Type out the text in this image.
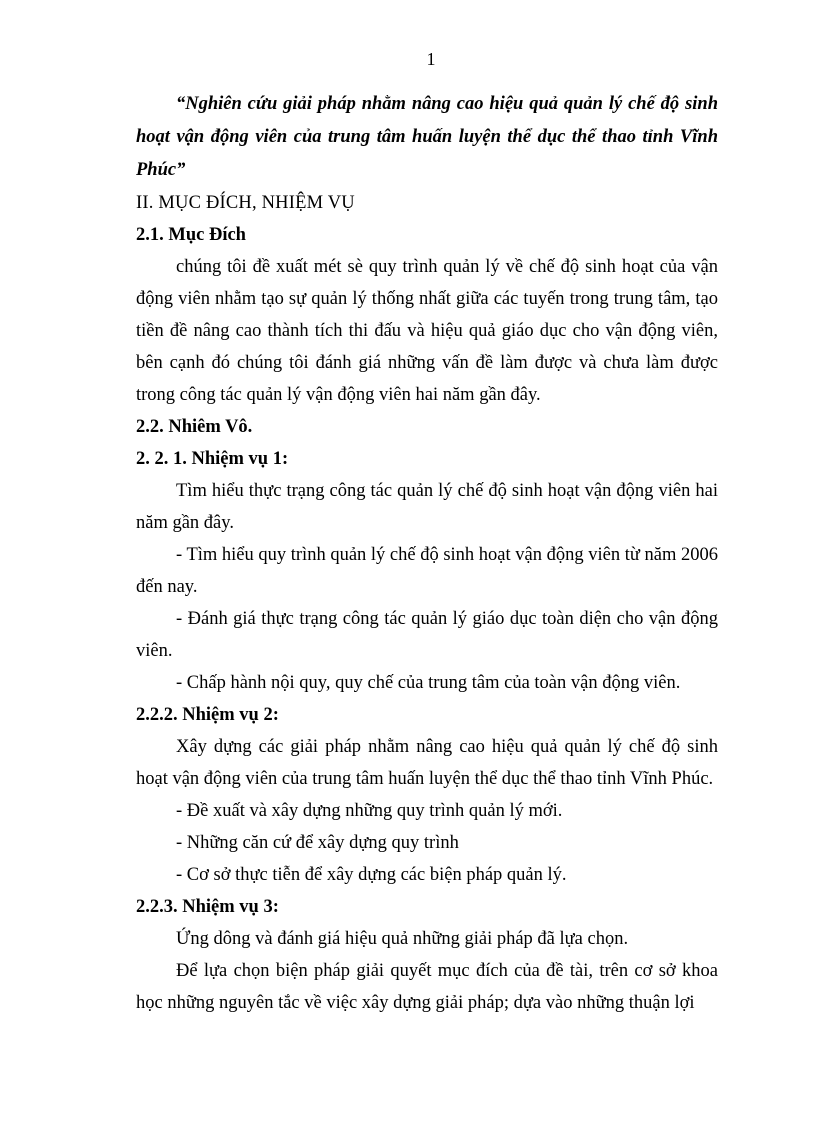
1

“Nghiên cứu giải pháp nhằm nâng cao hiệu quả quản lý chế độ sinh hoạt vận động viên của trung tâm huấn luyện thể dục thể thao tỉnh Vĩnh Phúc”

II. MỤC ĐÍCH, NHIỆM VỤ

2.1. Mục Đích

chúng tôi đề xuất mét sè quy trình quản lý về chế độ sinh hoạt của vận động viên nhằm tạo sự quản lý thống nhất giữa các tuyến trong trung tâm, tạo tiền đề nâng cao thành tích thi đấu và hiệu quả giáo dục cho vận động viên, bên cạnh đó chúng tôi đánh giá những vấn đề làm được và chưa làm được trong công tác quản lý vận động viên hai năm gần đây.

2.2. Nhiêm Vô.

2. 2. 1. Nhiệm vụ 1:

Tìm hiểu thực trạng công tác quản lý chế độ sinh hoạt vận động viên hai năm gần đây.

- Tìm hiểu quy trình quản lý chế độ sinh hoạt vận động viên từ năm 2006 đến nay.

- Đánh giá thực trạng công tác quản lý giáo dục toàn diện cho vận động viên.

- Chấp hành nội quy, quy chế của trung tâm của toàn vận động viên.

2.2.2. Nhiệm vụ 2:

Xây dựng các giải pháp nhằm nâng cao hiệu quả quản lý chế độ sinh hoạt vận động viên của trung tâm huấn luyện thể dục thể thao tỉnh Vĩnh Phúc.

- Đề xuất và xây dựng những quy trình quản lý mới.

- Những căn cứ để xây dựng quy trình

- Cơ sở thực tiễn để xây dựng các biện pháp quản lý.

2.2.3. Nhiệm vụ 3:

Ứng dông và đánh giá hiệu quả những giải pháp đã lựa chọn.

Để lựa chọn biện pháp giải quyết mục đích của đề tài, trên cơ sở khoa học những nguyên tắc về việc xây dựng giải pháp; dựa vào những thuận lợi
